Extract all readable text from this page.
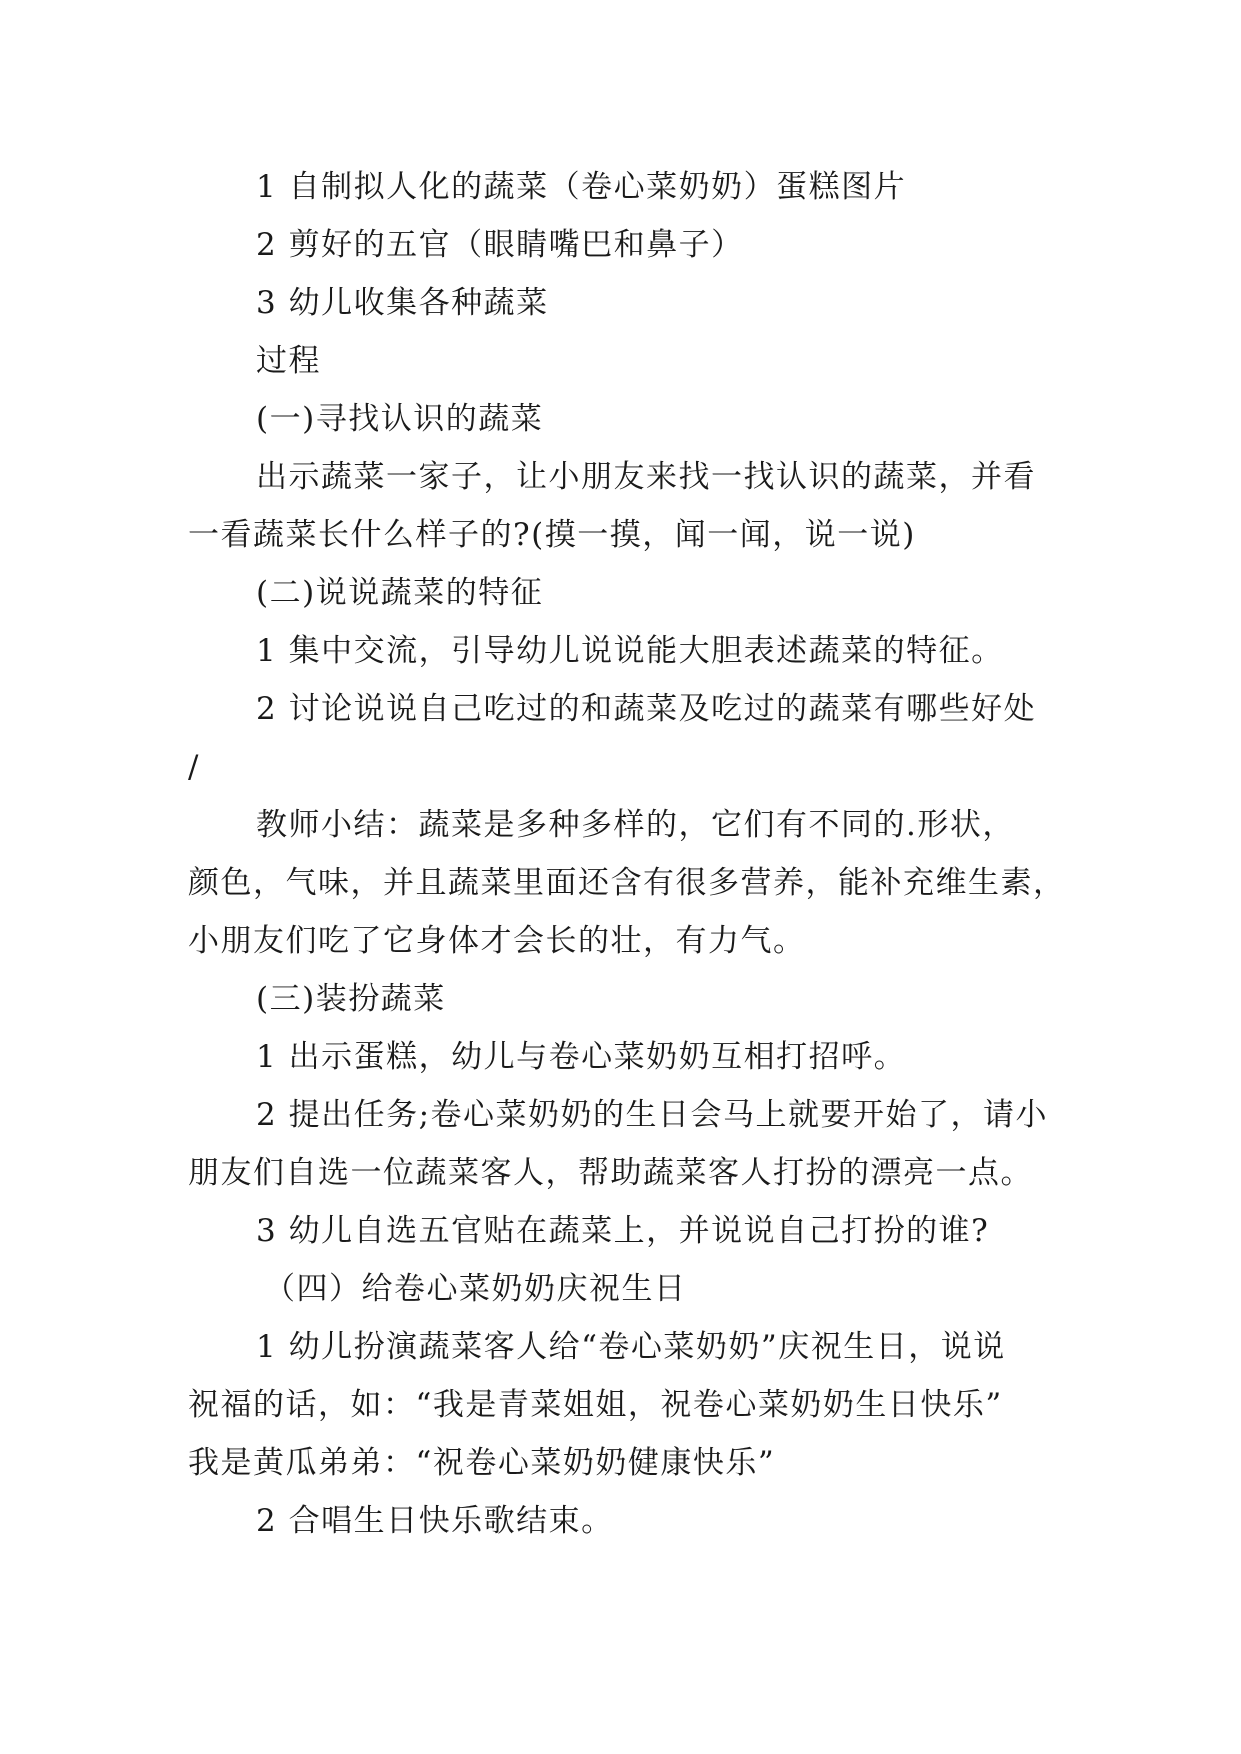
1 自制拟人化的蔬菜（卷心菜奶奶）蛋糕图片

2 剪好的五官（眼睛嘴巴和鼻子）

3 幼儿收集各种蔬菜

过程

(一)寻找认识的蔬菜

出示蔬菜一家子，让小朋友来找一找认识的蔬菜，并看

一看蔬菜长什么样子的?(摸一摸，闻一闻，说一说)

(二)说说蔬菜的特征

1 集中交流，引导幼儿说说能大胆表述蔬菜的特征。

2 讨论说说自己吃过的和蔬菜及吃过的蔬菜有哪些好处

/

教师小结：蔬菜是多种多样的，它们有不同的.形状，

颜色，气味，并且蔬菜里面还含有很多营养，能补充维生素，

小朋友们吃了它身体才会长的壮，有力气。

(三)装扮蔬菜

1 出示蛋糕，幼儿与卷心菜奶奶互相打招呼。

2 提出任务;卷心菜奶奶的生日会马上就要开始了，请小

朋友们自选一位蔬菜客人，帮助蔬菜客人打扮的漂亮一点。

3 幼儿自选五官贴在蔬菜上，并说说自己打扮的谁?

（四）给卷心菜奶奶庆祝生日

1 幼儿扮演蔬菜客人给“卷心菜奶奶”庆祝生日，说说

祝福的话，如：“我是青菜姐姐，祝卷心菜奶奶生日快乐”

我是黄瓜弟弟：“祝卷心菜奶奶健康快乐”

2 合唱生日快乐歌结束。
